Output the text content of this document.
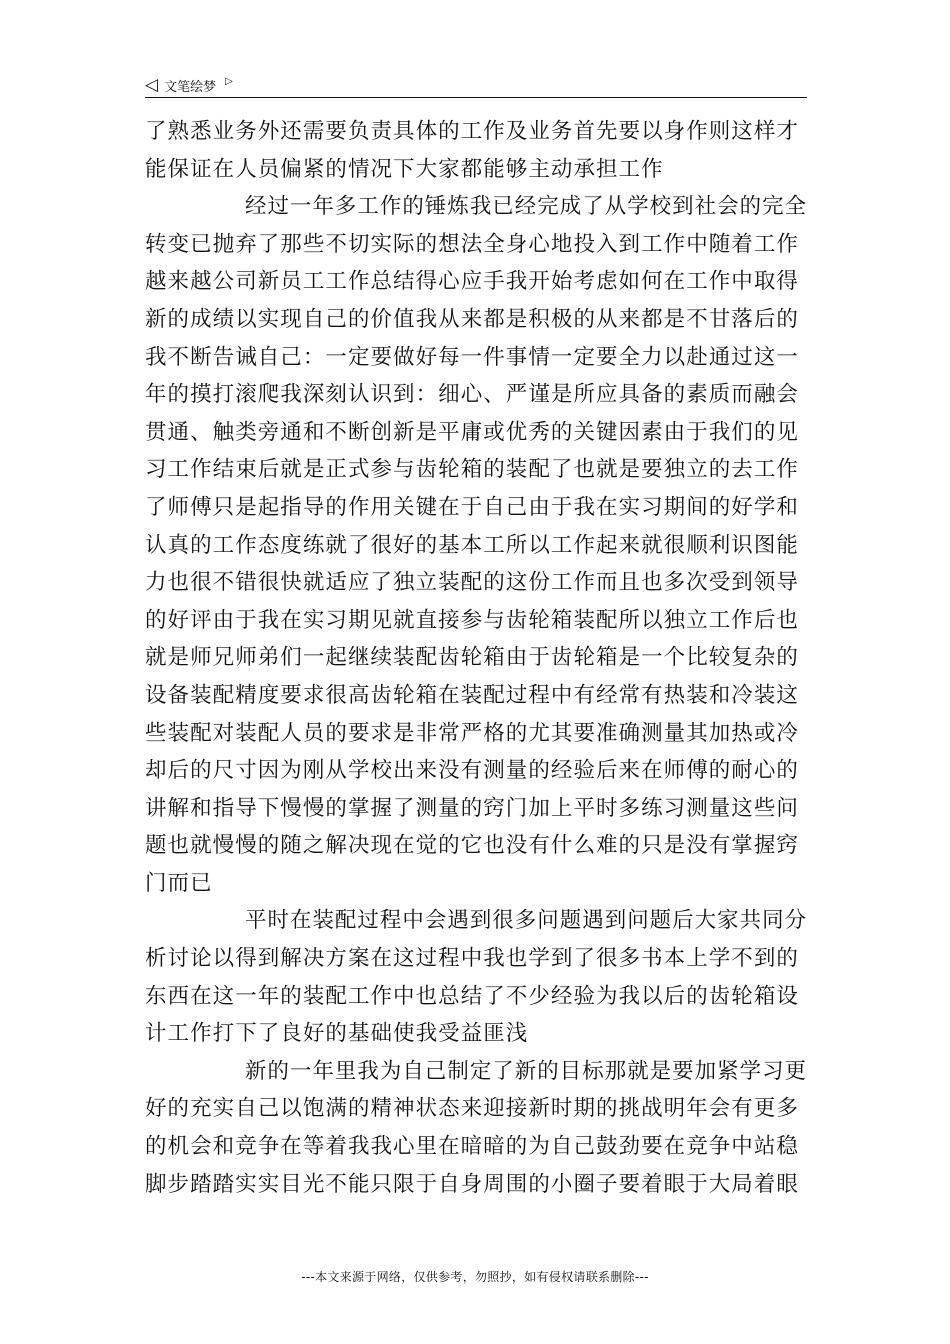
◁ 文笔绘梦 ▷
了熟悉业务外还需要负责具体的工作及业务首先要以身作则这样才
能保证在人员偏紧的情况下大家都能够主动承担工作
经过一年多工作的锤炼我已经完成了从学校到社会的完全
转变已抛弃了那些不切实际的想法全身心地投入到工作中随着工作
越来越公司新员工工作总结得心应手我开始考虑如何在工作中取得
新的成绩以实现自己的价值我从来都是积极的从来都是不甘落后的
我不断告诫自己：一定要做好每一件事情一定要全力以赴通过这一
年的摸打滚爬我深刻认识到：细心、严谨是所应具备的素质而融会
贯通、触类旁通和不断创新是平庸或优秀的关键因素由于我们的见
习工作结束后就是正式参与齿轮箱的装配了也就是要独立的去工作
了师傅只是起指导的作用关键在于自己由于我在实习期间的好学和
认真的工作态度练就了很好的基本工所以工作起来就很顺利识图能
力也很不错很快就适应了独立装配的这份工作而且也多次受到领导
的好评由于我在实习期见就直接参与齿轮箱装配所以独立工作后也
就是师兄师弟们一起继续装配齿轮箱由于齿轮箱是一个比较复杂的
设备装配精度要求很高齿轮箱在装配过程中有经常有热装和冷装这
些装配对装配人员的要求是非常严格的尤其要准确测量其加热或冷
却后的尺寸因为刚从学校出来没有测量的经验后来在师傅的耐心的
讲解和指导下慢慢的掌握了测量的窍门加上平时多练习测量这些问
题也就慢慢的随之解决现在觉的它也没有什么难的只是没有掌握窍
门而已
平时在装配过程中会遇到很多问题遇到问题后大家共同分
析讨论以得到解决方案在这过程中我也学到了很多书本上学不到的
东西在这一年的装配工作中也总结了不少经验为我以后的齿轮箱设
计工作打下了良好的基础使我受益匪浅
新的一年里我为自己制定了新的目标那就是要加紧学习更
好的充实自己以饱满的精神状态来迎接新时期的挑战明年会有更多
的机会和竞争在等着我我心里在暗暗的为自己鼓劲要在竞争中站稳
脚步踏踏实实目光不能只限于自身周围的小圈子要着眼于大局着眼
---本文来源于网络，仅供参考，勿照抄，如有侵权请联系删除---
